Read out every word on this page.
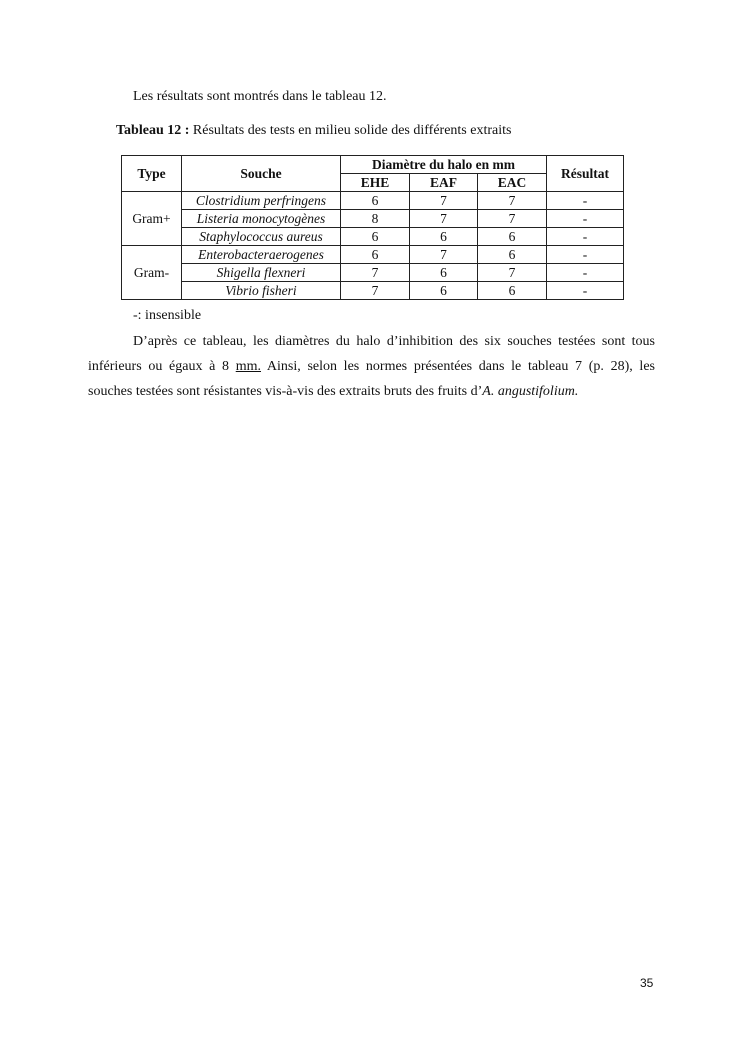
Les résultats sont montrés dans le tableau 12.
Tableau 12 : Résultats des tests en milieu solide des différents extraits
Type	Souche	Diamètre du halo en mm			Résultat
		EHE	EAF	EAC	
Gram+	Clostridium perfringens	6	7	7	-
	Listeria monocytogènes	8	7	7	-
	Staphylococcus aureus	6	6	6	-
Gram-	Enterobacteraerogenes	6	7	6	-
	Shigella flexneri	7	6	7	-
	Vibrio fisheri	7	6	6	-
-: insensible
D’après ce tableau, les diamètres du halo d’inhibition des six souches testées sont tous
inférieurs ou égaux à 8 mm. Ainsi, selon les normes présentées dans le tableau 7 (p. 28), les
souches testées sont résistantes vis-à-vis des extraits bruts des fruits d’A. angustifolium.
35
